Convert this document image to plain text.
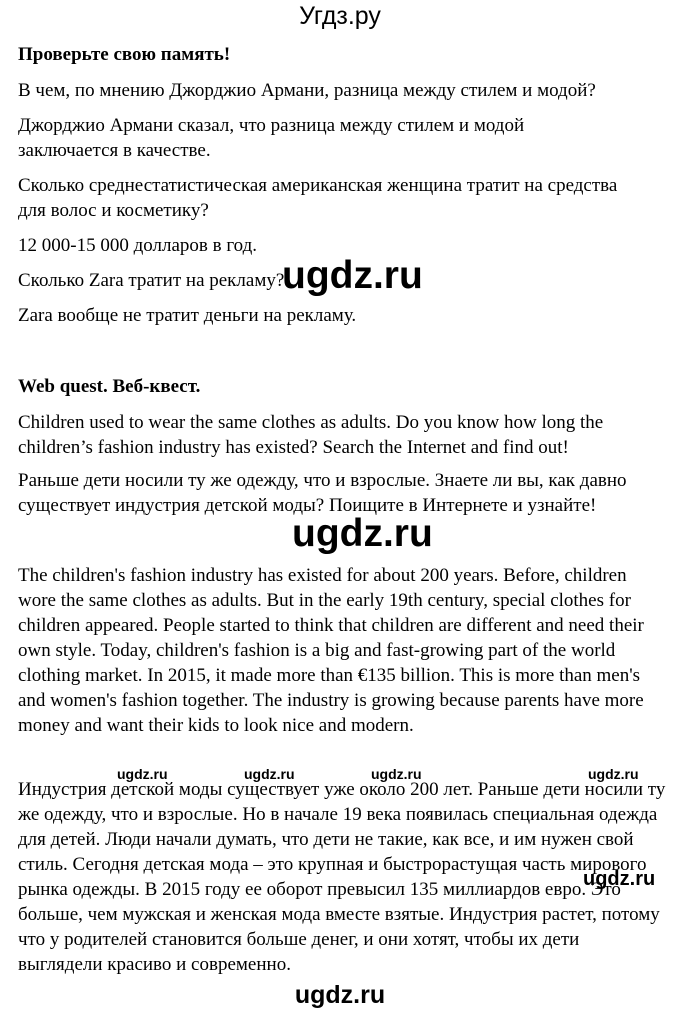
Угдз.ру

Проверьте свою память!

В чем, по мнению Джорджио Армани, разница между стилем и модой?

Джорджио Армани сказал, что разница между стилем и модой заключается в качестве.

Сколько среднестатистическая американская женщина тратит на средства для волос и косметику?

12 000-15 000 долларов в год.

Сколько Zara тратит на рекламу?

Zara вообще не тратит деньги на рекламу.

Web quest. Веб-квест.

Children used to wear the same clothes as adults. Do you know how long the children’s fashion industry has existed? Search the Internet and find out!

Раньше дети носили ту же одежду, что и взрослые. Знаете ли вы, как давно существует индустрия детской моды? Поищите в Интернете и узнайте!

The children's fashion industry has existed for about 200 years. Before, children wore the same clothes as adults. But in the early 19th century, special clothes for children appeared. People started to think that children are different and need their own style. Today, children's fashion is a big and fast-growing part of the world clothing market. In 2015, it made more than €135 billion. This is more than men's and women's fashion together. The industry is growing because parents have more money and want their kids to look nice and modern.

Индустрия детской моды существует уже около 200 лет. Раньше дети носили ту же одежду, что и взрослые. Но в начале 19 века появилась специальная одежда для детей. Люди начали думать, что дети не такие, как все, и им нужен свой стиль. Сегодня детская мода – это крупная и быстрорастущая часть мирового рынка одежды. В 2015 году ее оборот превысил 135 миллиардов евро. Это больше, чем мужская и женская мода вместе взятые. Индустрия растет, потому что у родителей становится больше денег, и они хотят, чтобы их дети выглядели красиво и современно.

ugdz.ru
ugdz.ru
ugdz.ru	ugdz.ru	ugdz.ru	ugdz.ru
ugdz.ru
ugdz.ru
